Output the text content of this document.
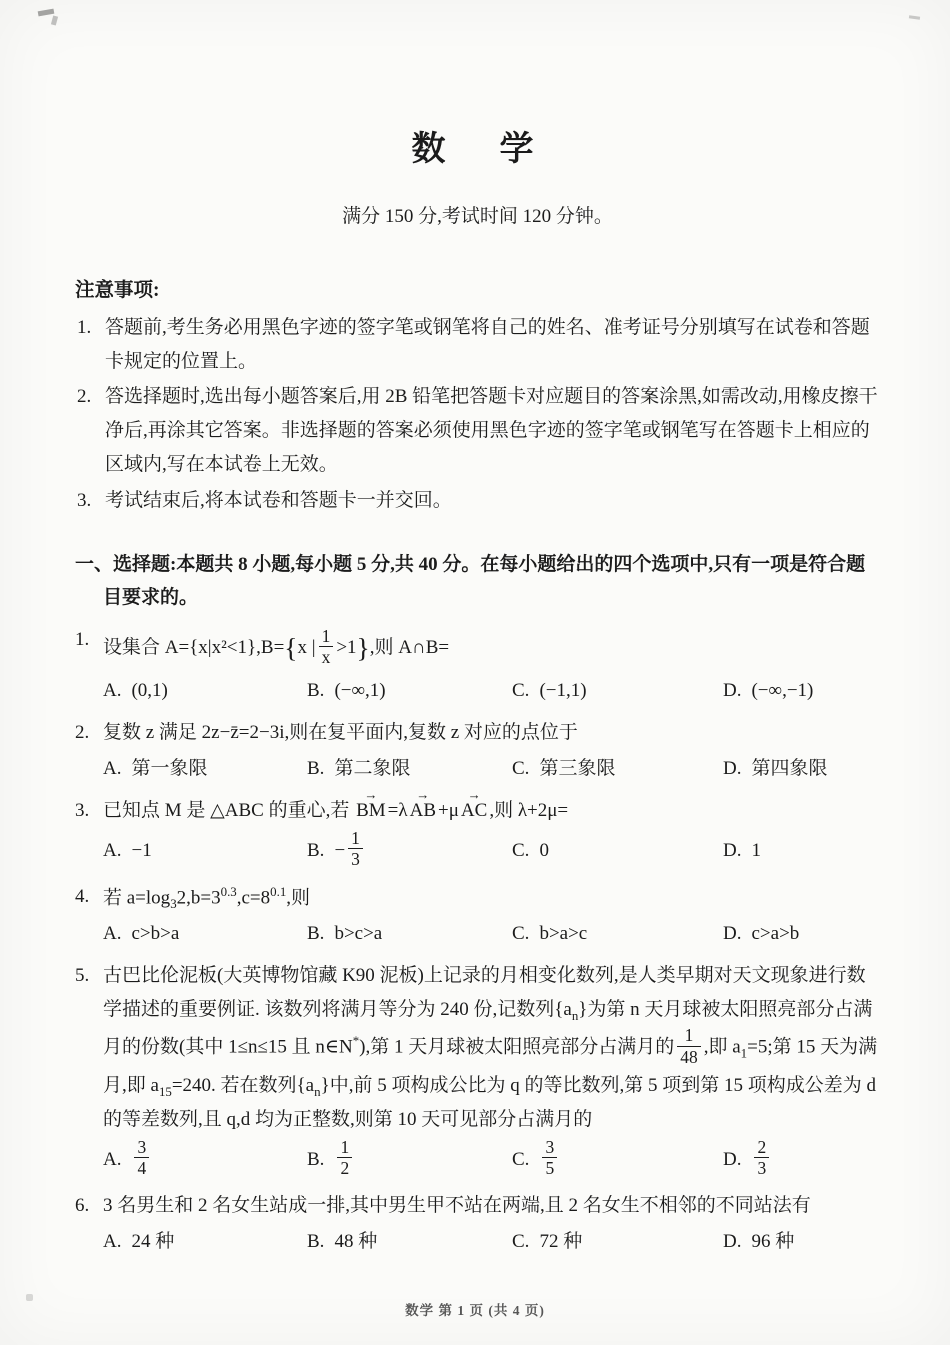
数　学

满分 150 分,考试时间 120 分钟。

注意事项:

1. 答题前,考生务必用黑色字迹的签字笔或钢笔将自己的姓名、准考证号分别填写在试卷和答题卡规定的位置上。
2. 答选择题时,选出每小题答案后,用 2B 铅笔把答题卡对应题目的答案涂黑,如需改动,用橡皮擦干净后,再涂其它答案。非选择题的答案必须使用黑色字迹的签字笔或钢笔写在答题卡上相应的区域内,写在本试卷上无效。
3. 考试结束后,将本试卷和答题卡一并交回。

一、选择题:本题共 8 小题,每小题 5 分,共 40 分。在每小题给出的四个选项中,只有一项是符合题目要求的。

1. 设集合 A={x|x²<1},B={x | $\frac{1}{x} >1$},则 A∩B=
A. (0,1)	B. (−∞,1)	C. (−1,1)	D. (−∞,−1)
2. 复数 z 满足 2z−z̄=2−3i,则在复平面内,复数 z 对应的点位于
A. 第一象限	B. 第二象限	C. 第三象限	D. 第四象限
3. 已知点 M 是 △ABC 的重心,若 BM → =λ AB → +μ AC → ,则 λ+2μ=
A. −1	B. − $\frac{1}{3}$	C. 0	D. 1
4. 若 $a=\log_32,b=3^{0.3},c=8^{0.1}$,则
A. c>b>a	B. b>c>a	C. b>a>c	D. c>a>b
5. 古巴比伦泥板(大英博物馆藏 K90 泥板)上记录的月相变化数列,是人类早期对天文现象进行数学描述的重要例证. 该数列将满月等分为 240 份,记数列$\{a_n\}$为第 n 天月球被太阳照亮部分占满月的份数(其中 1≤n≤15 且 n∈N*),第 1 天月球被太阳照亮部分占满月的 $\frac{1}{48}$ ,即 $a_1=5$;第 15 天为满月,即 $a_{15}=240$. 若在数列$\{a_n\}$中,前 5 项构成公比为 q 的等比数列,第 5 项到第 15 项构成公差为 d 的等差数列,且 q,d 均为正整数,则第 10 天可见部分占满月的
A. $\frac{3}{4}$	B. $\frac{1}{2}$	C. $\frac{3}{5}$	D. $\frac{2}{3}$
6. 3 名男生和 2 名女生站成一排,其中男生甲不站在两端,且 2 名女生不相邻的不同站法有
A. 24 种	B. 48 种	C. 72 种	D. 96 种
数学 第 1 页 (共 4 页)
